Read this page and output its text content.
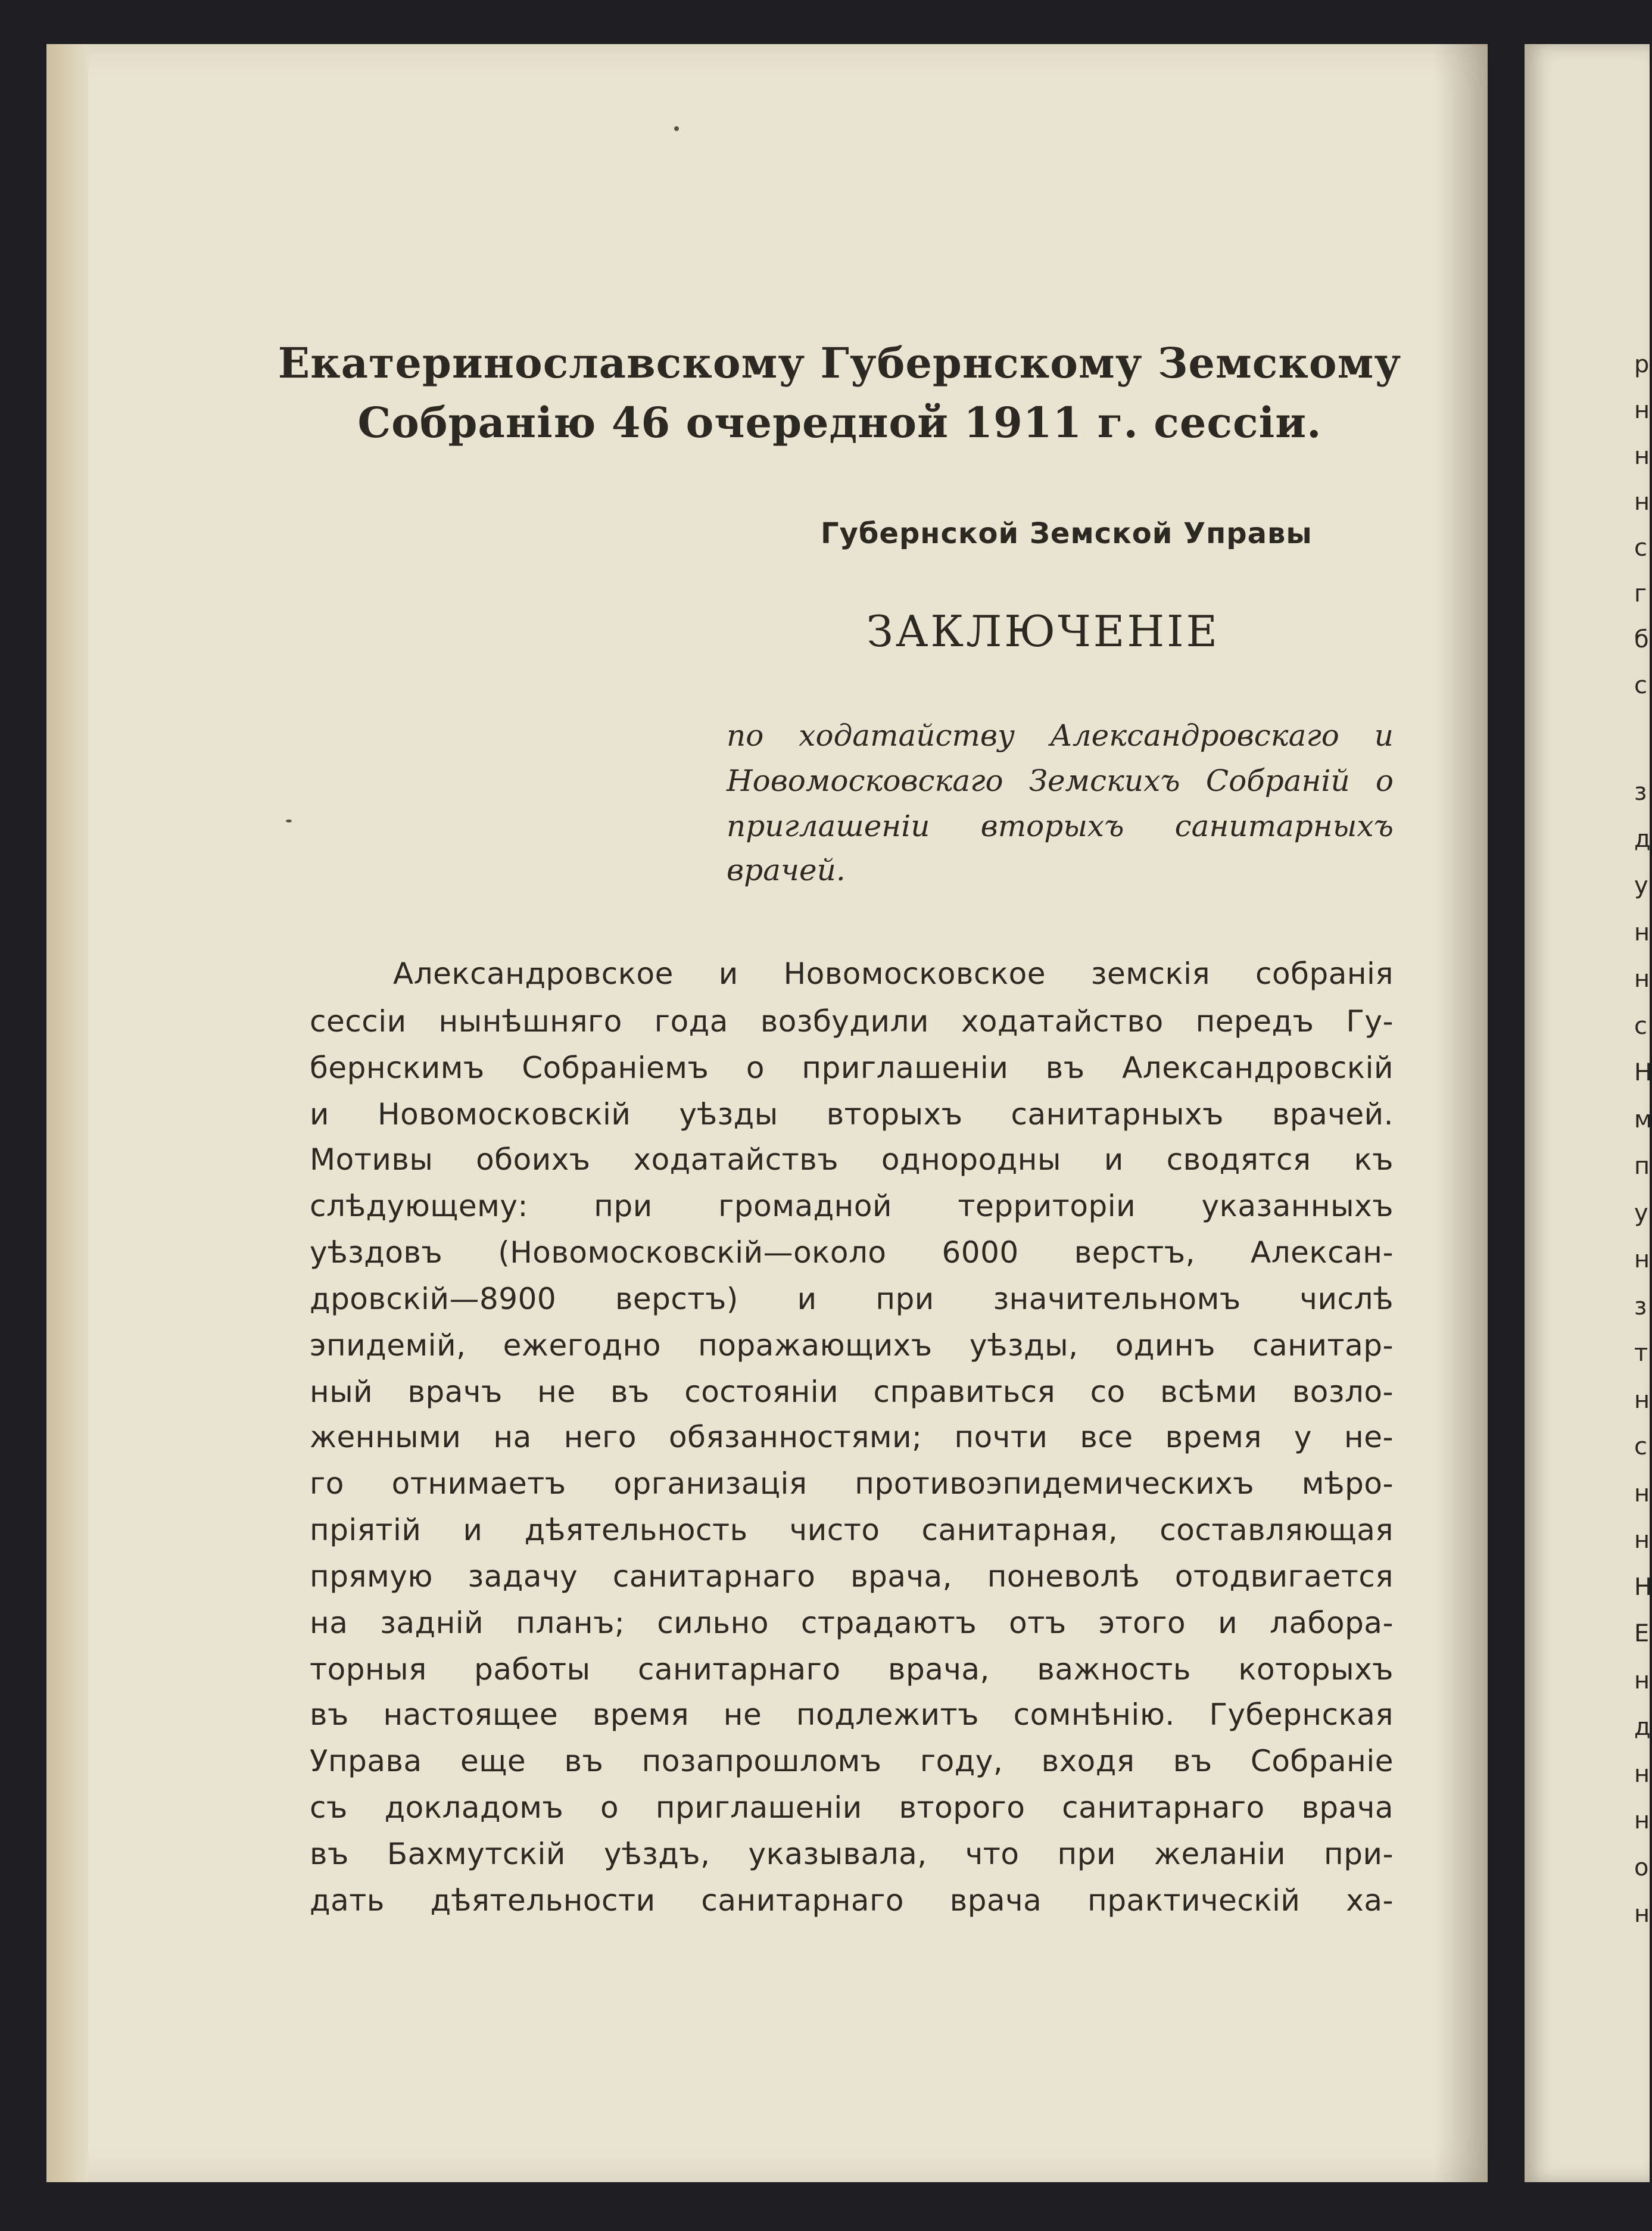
Екатеринославскому Губернскому Земскому
Собранію 46 очередной 1911 г. сессіи.
Губернской Земской Управы
ЗАКЛЮЧЕНІЕ
по ходатайству Александровскаго и
Новомосковскаго Земскихъ Собраній о
приглашеніи вторыхъ санитарныхъ
врачей.
Александровское и Новомосковское земскія собранія
сессіи нынѣшняго года возбудили ходатайство передъ Гу-
бернскимъ Собраніемъ о приглашеніи въ Александровскій
и Новомосковскій уѣзды вторыхъ санитарныхъ врачей.
Мотивы обоихъ ходатайствъ однородны и сводятся къ
слѣдующему: при громадной территоріи указанныхъ
уѣздовъ (Новомосковскій—около 6000 верстъ, Алексан-
дровскій—8900 верстъ) и при значительномъ числѣ
эпидемій, ежегодно поражающихъ уѣзды, одинъ санитар-
ный врачъ не въ состояніи справиться со всѣми возло-
женными на него обязанностями; почти все время у не-
го отнимаетъ организація противоэпидемическихъ мѣро-
пріятій и дѣятельность чисто санитарная, составляющая
прямую задачу санитарнаго врача, поневолѣ отодвигается
на задній планъ; сильно страдаютъ отъ этого и лабора-
торныя работы санитарнаго врача, важность которыхъ
въ настоящее время не подлежитъ сомнѣнію. Губернская
Управа еще въ позапрошломъ году, входя въ Собраніе
съ докладомъ о приглашеніи второго санитарнаго врача
въ Бахмутскій уѣздъ, указывала, что при желаніи при-
дать дѣятельности санитарнаго врача практическій ха-
р
н
н
н
с
г
б
с
з
д
у
н
н
с
Н
м
п
у
н
з
т
н
с
н
н
Н
Е
н
д
н
н
о
н
